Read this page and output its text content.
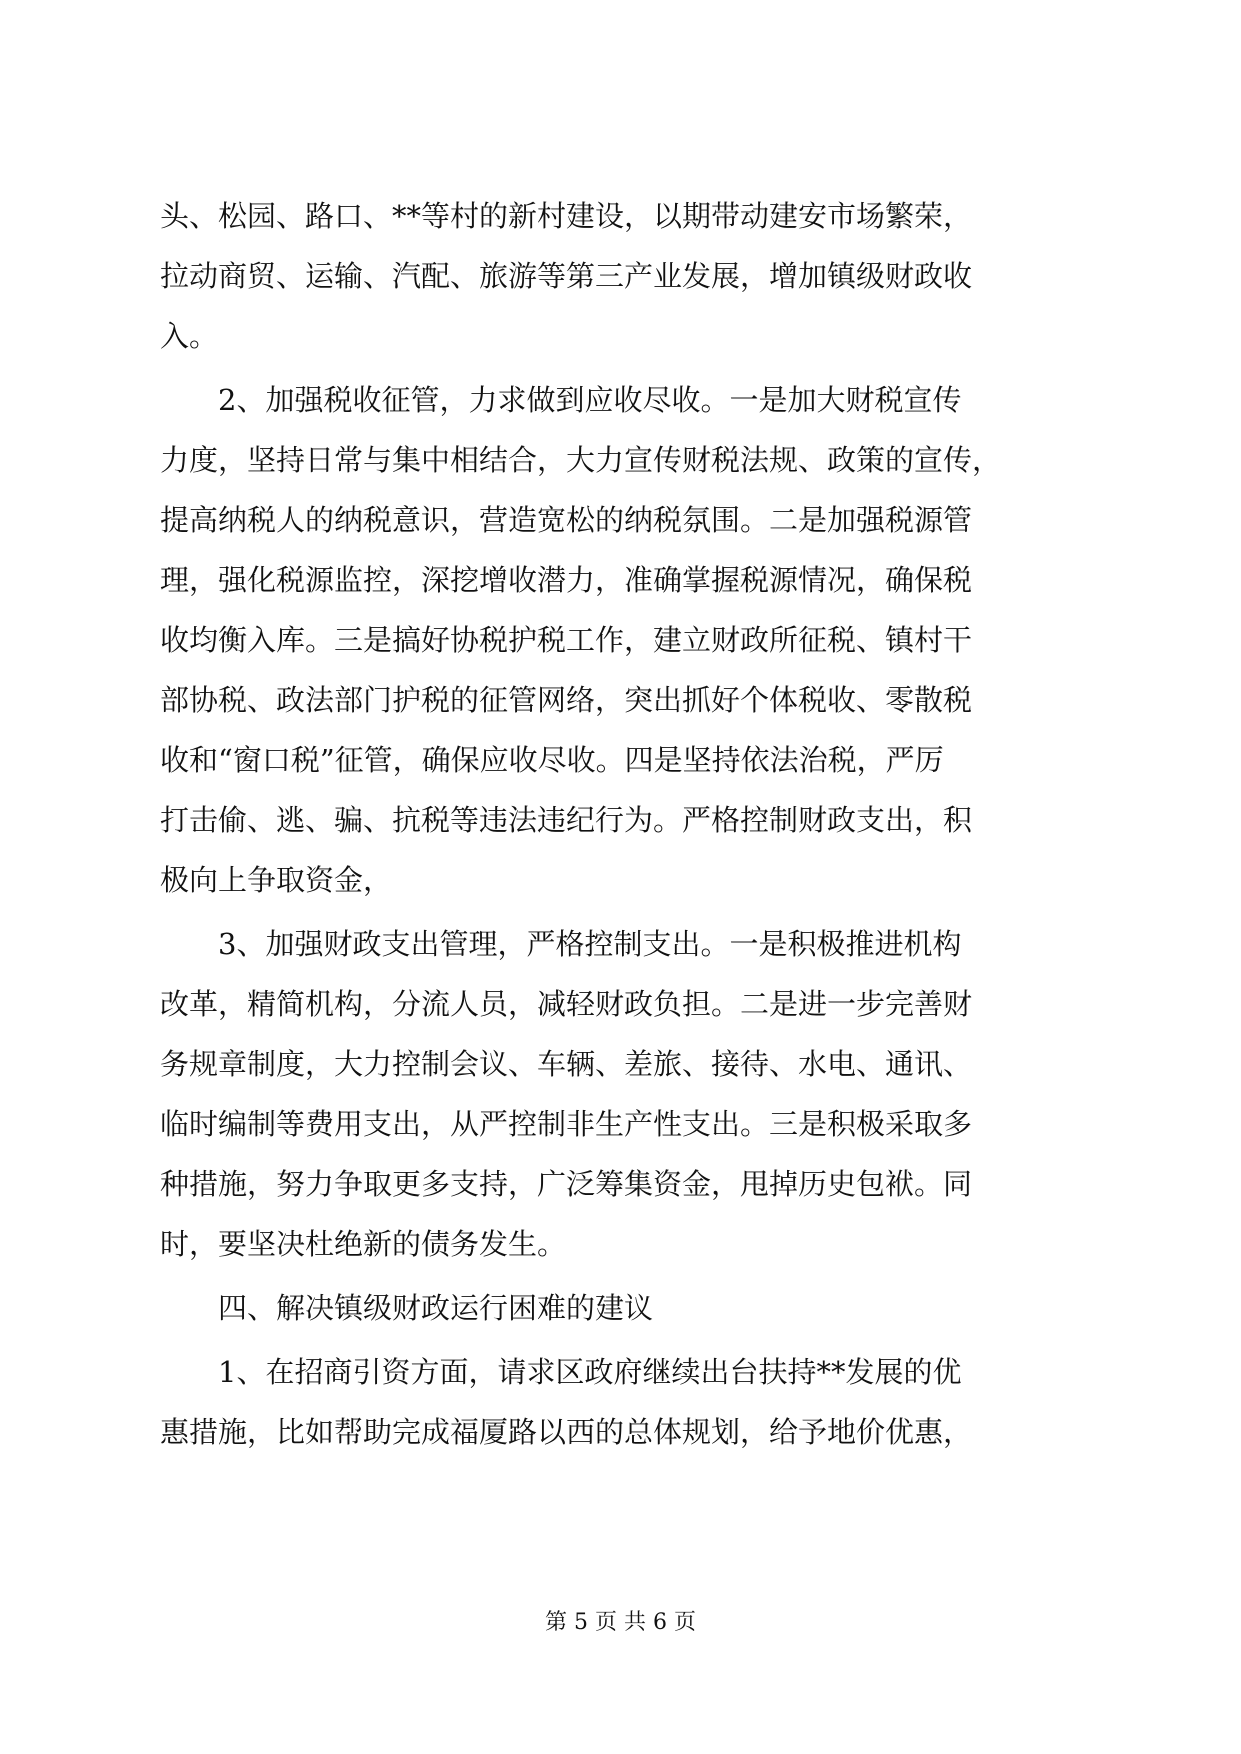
头、松园、路口、**等村的新村建设，以期带动建安市场繁荣，
拉动商贸、运输、汽配、旅游等第三产业发展，增加镇级财政收
入。
2、加强税收征管，力求做到应收尽收。一是加大财税宣传
力度，坚持日常与集中相结合，大力宣传财税法规、政策的宣传，
提高纳税人的纳税意识，营造宽松的纳税氛围。二是加强税源管
理，强化税源监控，深挖增收潜力，准确掌握税源情况，确保税
收均衡入库。三是搞好协税护税工作，建立财政所征税、镇村干
部协税、政法部门护税的征管网络，突出抓好个体税收、零散税
收和“窗口税”征管，确保应收尽收。四是坚持依法治税，严厉
打击偷、逃、骗、抗税等违法违纪行为。严格控制财政支出，积
极向上争取资金，
3、加强财政支出管理，严格控制支出。一是积极推进机构
改革，精简机构，分流人员，减轻财政负担。二是进一步完善财
务规章制度，大力控制会议、车辆、差旅、接待、水电、通讯、
临时编制等费用支出，从严控制非生产性支出。三是积极采取多
种措施，努力争取更多支持，广泛筹集资金，甩掉历史包袱。同
时，要坚决杜绝新的债务发生。
四、解决镇级财政运行困难的建议
1、在招商引资方面，请求区政府继续出台扶持**发展的优
惠措施，比如帮助完成福厦路以西的总体规划，给予地价优惠，
第 5 页 共 6 页
